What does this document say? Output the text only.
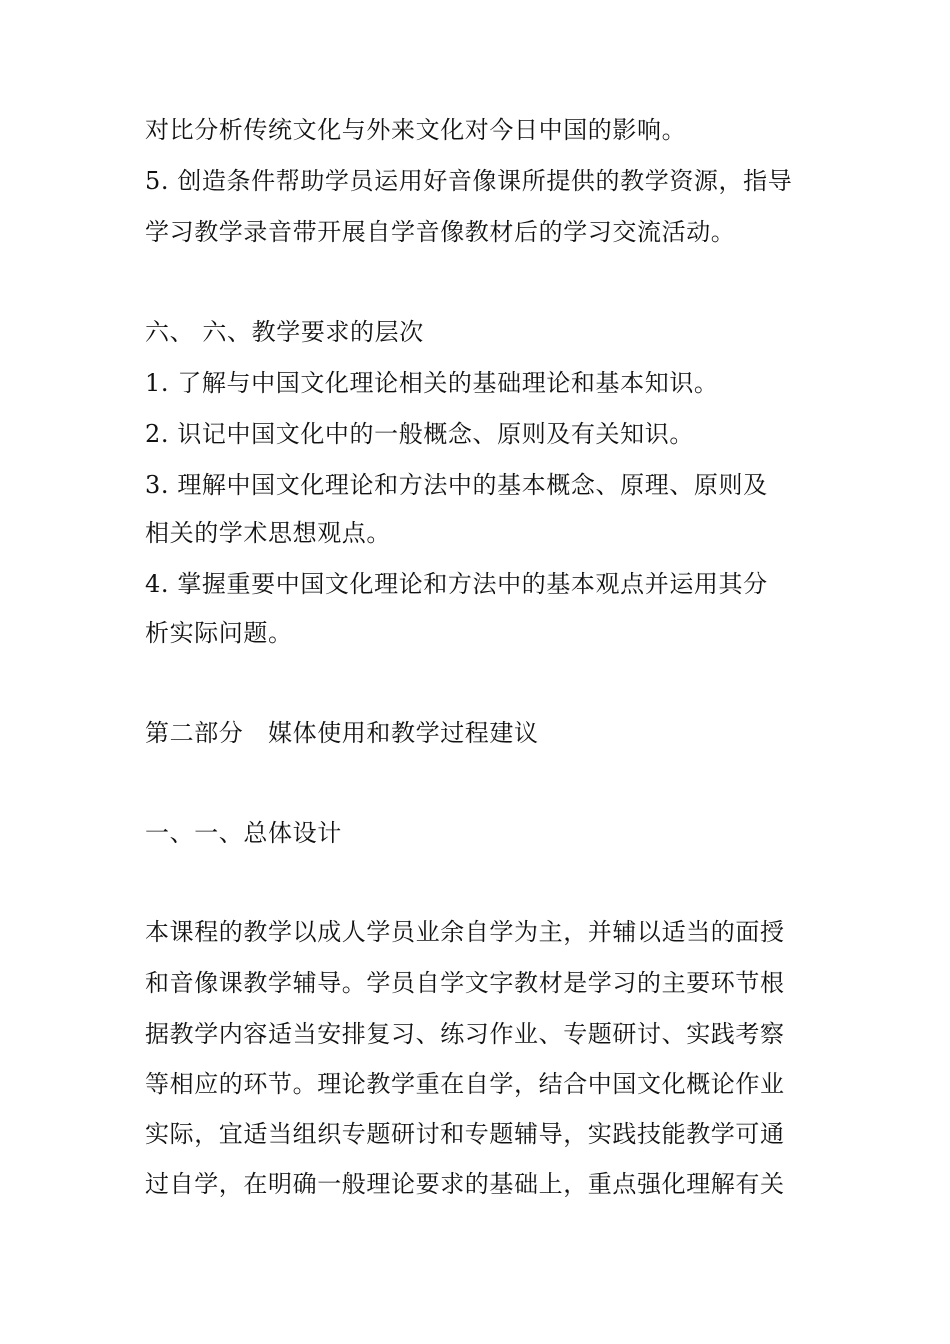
对比分析传统文化与外来文化对今日中国的影响。
5. 创造条件帮助学员运用好音像课所提供的教学资源，指导
学习教学录音带开展自学音像教材后的学习交流活动。
六、 六、教学要求的层次
1. 了解与中国文化理论相关的基础理论和基本知识。
2. 识记中国文化中的一般概念、原则及有关知识。
3. 理解中国文化理论和方法中的基本概念、原理、原则及
相关的学术思想观点。
4. 掌握重要中国文化理论和方法中的基本观点并运用其分
析实际问题。
第二部分　媒体使用和教学过程建议
一、一、总体设计
本课程的教学以成人学员业余自学为主，并辅以适当的面授
和音像课教学辅导。学员自学文字教材是学习的主要环节根
据教学内容适当安排复习、练习作业、专题研讨、实践考察
等相应的环节。理论教学重在自学，结合中国文化概论作业
实际，宜适当组织专题研讨和专题辅导，实践技能教学可通
过自学，在明确一般理论要求的基础上，重点强化理解有关
